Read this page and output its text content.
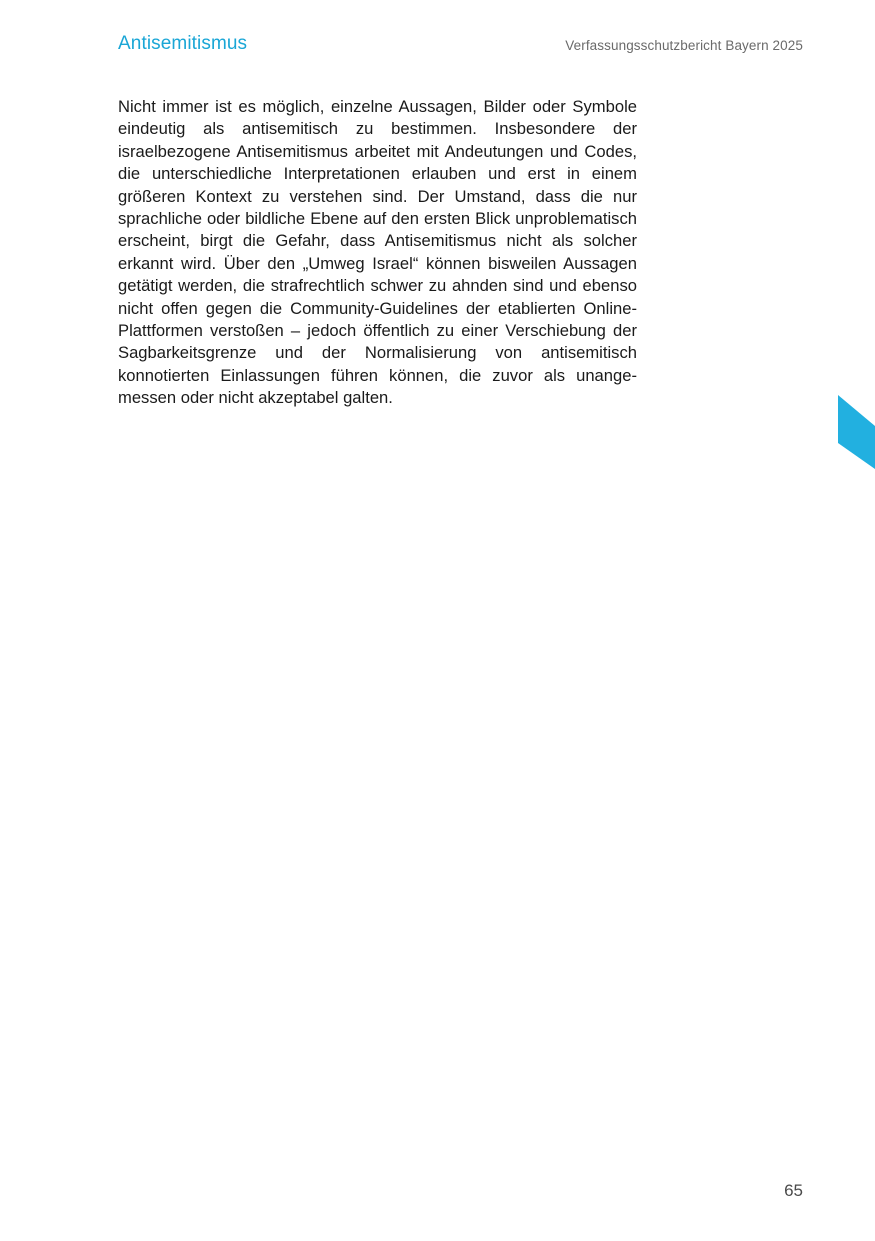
Antisemitismus	Verfassungsschutzbericht Bayern 2025

Nicht immer ist es möglich, einzelne Aussagen, Bilder oder Symbole eindeutig als antisemitisch zu bestimmen. Insbesondere der israelbezogene Antisemitismus arbeitet mit Andeutungen und Codes, die unterschiedliche Interpretationen erlauben und erst in einem größeren Kontext zu verstehen sind. Der Umstand, dass die nur sprachliche oder bildliche Ebene auf den ersten Blick unproblematisch erscheint, birgt die Gefahr, dass Antisemitismus nicht als solcher erkannt wird. Über den „Umweg Israel“ können bisweilen Aussagen getätigt werden, die strafrechtlich schwer zu ahnden sind und ebenso nicht offen gegen die Community-Guidelines der etablierten Online-Plattformen verstoßen – jedoch öffentlich zu einer Verschiebung der Sagbarkeitsgrenze und der Normalisierung von antisemitisch konnotierten Einlassungen führen können, die zuvor als unangemessen oder nicht akzeptabel galten.

65
